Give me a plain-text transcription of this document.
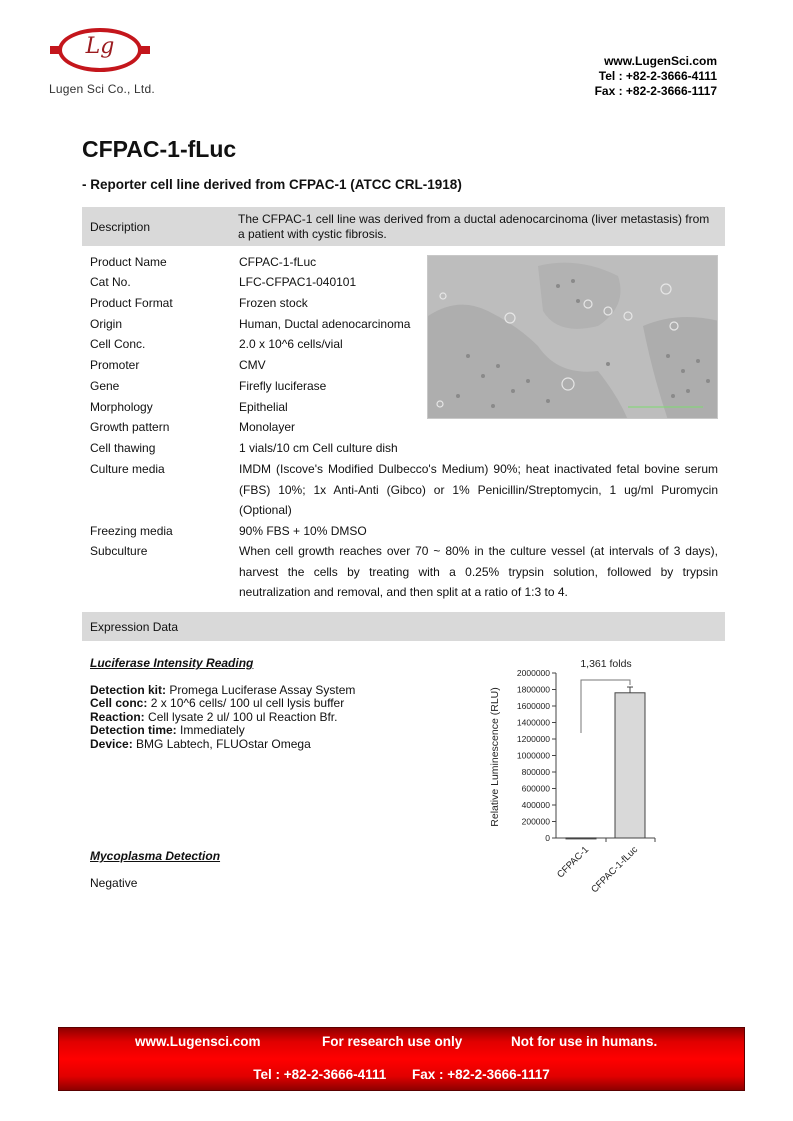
Lg
Lugen Sci Co., Ltd.
www.LugenSci.com
Tel : +82-2-3666-4111
Fax : +82-2-3666-1117
CFPAC-1-fLuc
- Reporter cell line derived from CFPAC-1 (ATCC CRL-1918)
Description
The CFPAC-1 cell line was derived from a ductal adenocarcinoma (liver metastasis) from a patient with cystic fibrosis.
Product Name	CFPAC-1-fLuc
Cat No.	LFC-CFPAC1-040101
Product Format	Frozen stock
Origin	Human, Ductal adenocarcinoma
Cell Conc.	2.0 x 10^6 cells/vial
Promoter	CMV
Gene	Firefly luciferase
Morphology	Epithelial
Growth pattern	Monolayer
Cell thawing	1 vials/10 cm Cell culture dish
Culture media	IMDM (Iscove's Modified Dulbecco's Medium) 90%; heat inactivated fetal bovine serum (FBS) 10%; 1x Anti-Anti (Gibco) or 1% Penicillin/Streptomycin, 1 ug/ml Puromycin (Optional)
Freezing media	90% FBS + 10% DMSO
Subculture	When cell growth reaches over 70 ~ 80% in the culture vessel (at intervals of 3 days), harvest the cells by treating with a 0.25% trypsin solution, followed by trypsin neutralization and removal, and then split at a ratio of 1:3 to 4.
Expression Data
Luciferase Intensity Reading
Detection kit: Promega Luciferase Assay System
Cell conc: 2 x 10^6 cells/ 100 ul cell lysis buffer
Reaction: Cell lysate 2 ul/ 100 ul Reaction Bfr.
Detection time: Immediately
Device: BMG Labtech, FLUOstar Omega
Mycoplasma Detection
Negative
0
200000
400000
600000
800000
1000000
1200000
1400000
1600000
1800000
2000000
Relative Luminescence (RLU)
1,361 folds
CFPAC-1
CFPAC-1-fLuc
www.Lugensci.com	For research use only	Not for use in humans.
Tel : +82-2-3666-4111 Fax : +82-2-3666-1117
